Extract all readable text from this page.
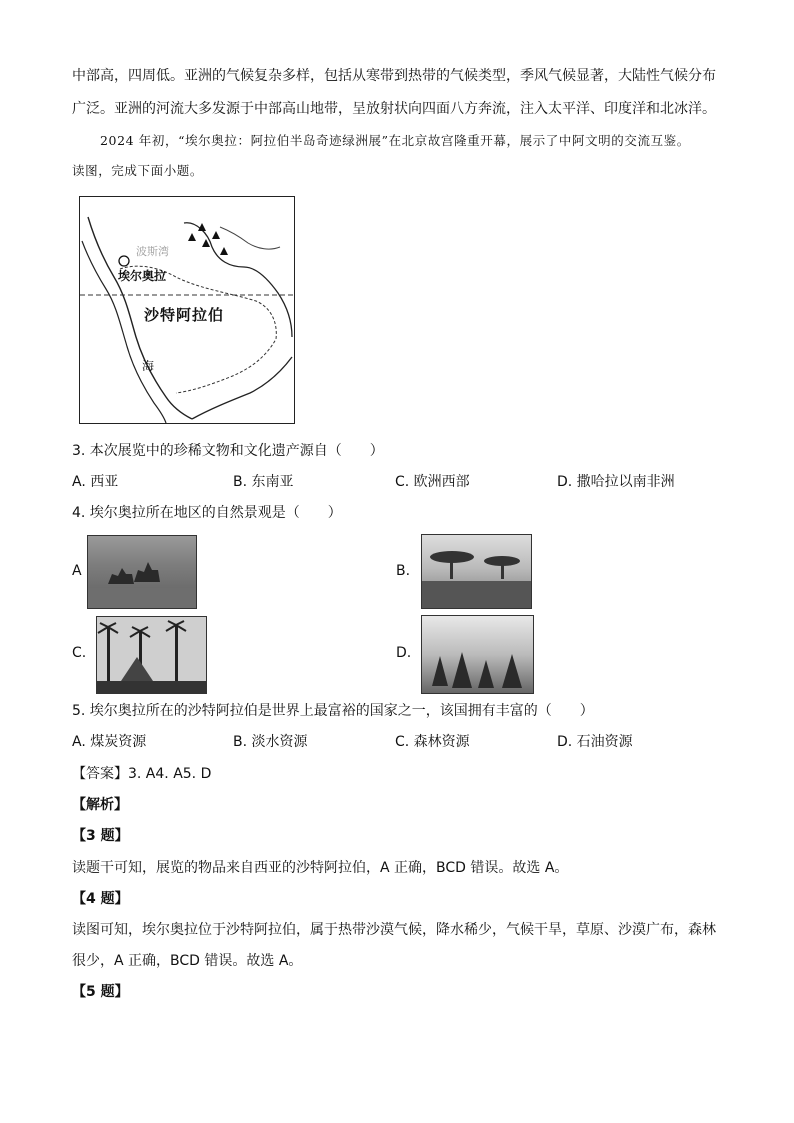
中部高，四周低。亚洲的气候复杂多样，包括从寒带到热带的气候类型，季风气候显著，大陆性气候分布
广泛。亚洲的河流大多发源于中部高山地带，呈放射状向四面八方奔流，注入太平洋、印度洋和北冰洋。
2024 年初，“埃尔奥拉：阿拉伯半岛奇迹绿洲展”在北京故宫隆重开幕，展示了中阿文明的交流互鉴。
读图，完成下面小题。
埃尔奥拉
沙特阿拉伯
海
波斯湾
3. 本次展览中的珍稀文物和文化遗产源自（　　）
A. 西亚	B. 东南亚	C. 欧洲西部	D. 撒哈拉以南非洲
4. 埃尔奥拉所在地区的自然景观是（　　）
A	B.
C.	D.
5. 埃尔奥拉所在的沙特阿拉伯是世界上最富裕的国家之一，该国拥有丰富的（　　）
A. 煤炭资源	B. 淡水资源	C. 森林资源	D. 石油资源
【答案】3. A4. A5. D
【解析】
【3 题】
读题干可知，展览的物品来自西亚的沙特阿拉伯，A 正确，BCD 错误。故选 A。
【4 题】
读图可知，埃尔奥拉位于沙特阿拉伯，属于热带沙漠气候，降水稀少，气候干旱，草原、沙漠广布，森林
很少，A 正确，BCD 错误。故选 A。
【5 题】
